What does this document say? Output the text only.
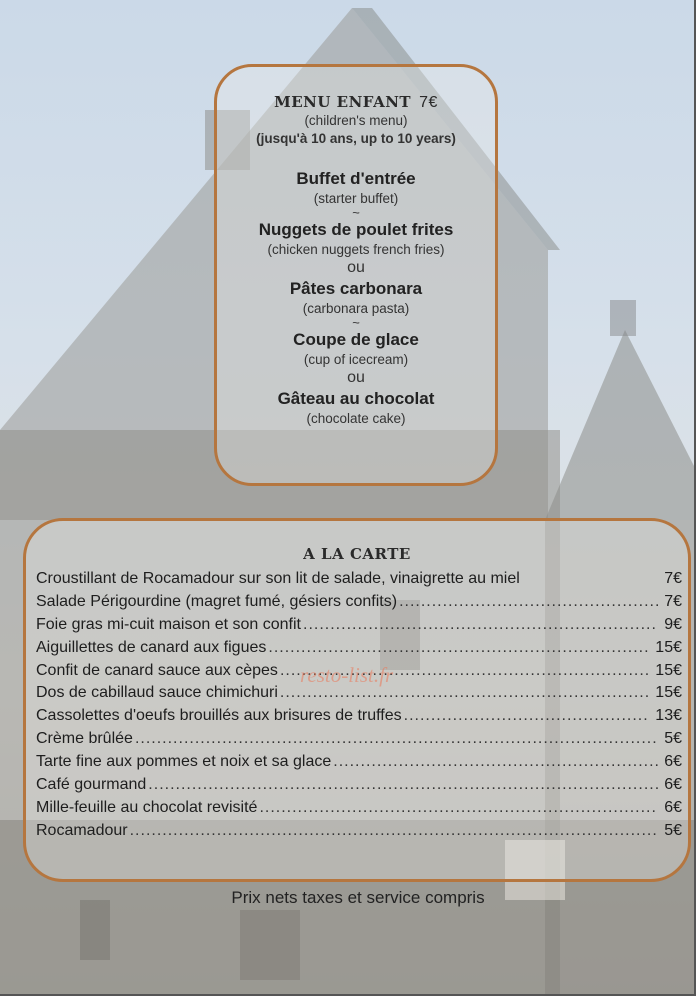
MENU ENFANT 7€
(children's menu)
(jusqu'à 10 ans, up to 10 years)
Buffet d'entrée
(starter buffet)
~
Nuggets de poulet frites
(chicken nuggets french fries)
ou
Pâtes carbonara
(carbonara pasta)
~
Coupe de glace
(cup of icecream)
ou
Gâteau au chocolat
(chocolate cake)
A LA CARTE
Croustillant de Rocamadour sur son lit de salade, vinaigrette au miel	7€
Salade Périgourdine (magret fumé, gésiers confits) .....	7€
Foie gras mi-cuit maison et son confit .....	9€
Aiguillettes de canard aux figues .....	15€
Confit de canard sauce aux cèpes .....	15€
Dos de cabillaud sauce chimichuri .....	15€
Cassolettes d'oeufs brouillés aux brisures de truffes .....	13€
Crème brûlée .....	5€
Tarte fine aux pommes et noix et sa glace .....	6€
Café gourmand .....	6€
Mille-feuille au chocolat revisité .....	6€
Rocamadour .....	5€
resto-list.fr
Prix nets taxes et service compris
